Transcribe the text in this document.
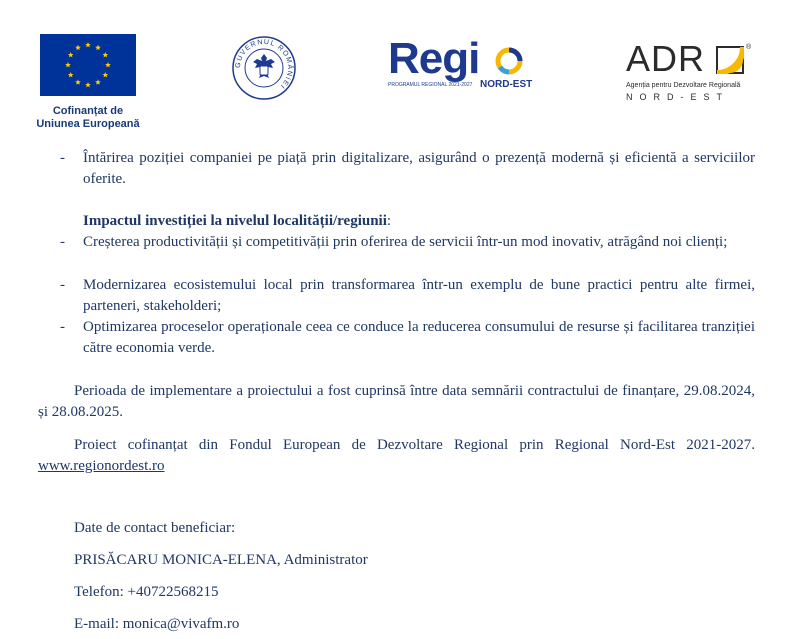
Cofinanțat de
Uniunea Europeană
GUVERNUL ROMÂNIEI
Regi
PROGRAMUL REGIONAL 2021-2027 NORD-EST
ADR	®
Agenția pentru Dezvoltare Regională
NORD-EST
- Întărirea poziției companiei pe piață prin digitalizare, asigurând o prezență modernă și eficientă a serviciilor oferite.
Impactul investiției la nivelul localității/regiunii:
- Creșterea productivității și competitivății prin oferirea de servicii într-un mod inovativ, atrăgând noi clienți;
- Modernizarea ecosistemului local prin transformarea într-un exemplu de bune practici pentru alte firmei, parteneri, stakeholderi;
- Optimizarea proceselor operaționale ceea ce conduce la reducerea consumului de resurse și facilitarea tranziției către economia verde.
Perioada de implementare a proiectului a fost cuprinsă între data semnării contractului de finanțare, 29.08.2024, și 28.08.2025.
Proiect cofinanțat din Fondul European de Dezvoltare Regional prin Regional Nord-Est 2021-2027. www.regionordest.ro
Date de contact beneficiar:
PRISĂCARU MONICA-ELENA, Administrator
Telefon: +40722568215
E-mail: monica@vivafm.ro
